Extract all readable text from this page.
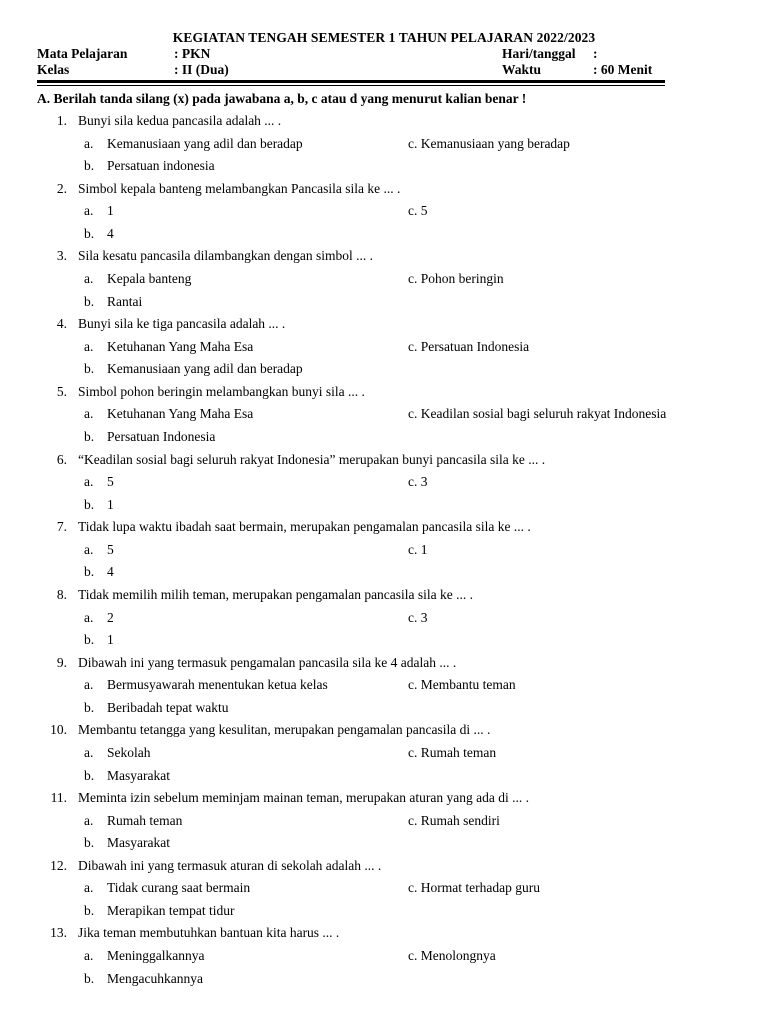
KEGIATAN TENGAH SEMESTER 1 TAHUN PELAJARAN 2022/2023
Mata Pelajaran	: PKN	Hari/tanggal :
Kelas	: II (Dua)	Waktu	: 60 Menit
A. Berilah tanda silang (x) pada jawabana a, b, c atau d yang menurut kalian benar !
1. Bunyi sila kedua pancasila adalah ... .
a. Kemanusiaan yang adil dan beradap	c. Kemanusiaan yang beradap
b. Persatuan indonesia
2. Simbol kepala banteng melambangkan Pancasila sila ke ... .
a. 1	c. 5
b. 4
3. Sila kesatu pancasila dilambangkan dengan simbol ... .
a. Kepala banteng	c. Pohon beringin
b. Rantai
4. Bunyi sila ke tiga pancasila adalah ... .
a. Ketuhanan Yang Maha Esa	c. Persatuan Indonesia
b. Kemanusiaan yang adil dan beradap
5. Simbol pohon beringin melambangkan bunyi sila ... .
a. Ketuhanan Yang Maha Esa	c. Keadilan sosial bagi seluruh rakyat Indonesia
b. Persatuan Indonesia
6. “Keadilan sosial bagi seluruh rakyat Indonesia” merupakan bunyi pancasila sila ke ... .
a. 5	c. 3
b. 1
7. Tidak lupa waktu ibadah saat bermain, merupakan pengamalan pancasila sila ke ... .
a. 5	c. 1
b. 4
8. Tidak memilih milih teman, merupakan pengamalan pancasila sila ke ... .
a. 2	c. 3
b. 1
9. Dibawah ini yang termasuk pengamalan pancasila sila ke 4 adalah ... .
a. Bermusyawarah menentukan ketua kelas	c. Membantu teman
b. Beribadah tepat waktu
10. Membantu tetangga yang kesulitan, merupakan pengamalan pancasila di ... .
a. Sekolah	c. Rumah teman
b. Masyarakat
11. Meminta izin sebelum meminjam mainan teman, merupakan aturan yang ada di ... .
a. Rumah teman	c. Rumah sendiri
b. Masyarakat
12. Dibawah ini yang termasuk aturan di sekolah adalah ... .
a. Tidak curang saat bermain	c. Hormat terhadap guru
b. Merapikan tempat tidur
13. Jika teman membutuhkan bantuan kita harus ... .
a. Meninggalkannya	c. Menolongnya
b. Mengacuhkannya
